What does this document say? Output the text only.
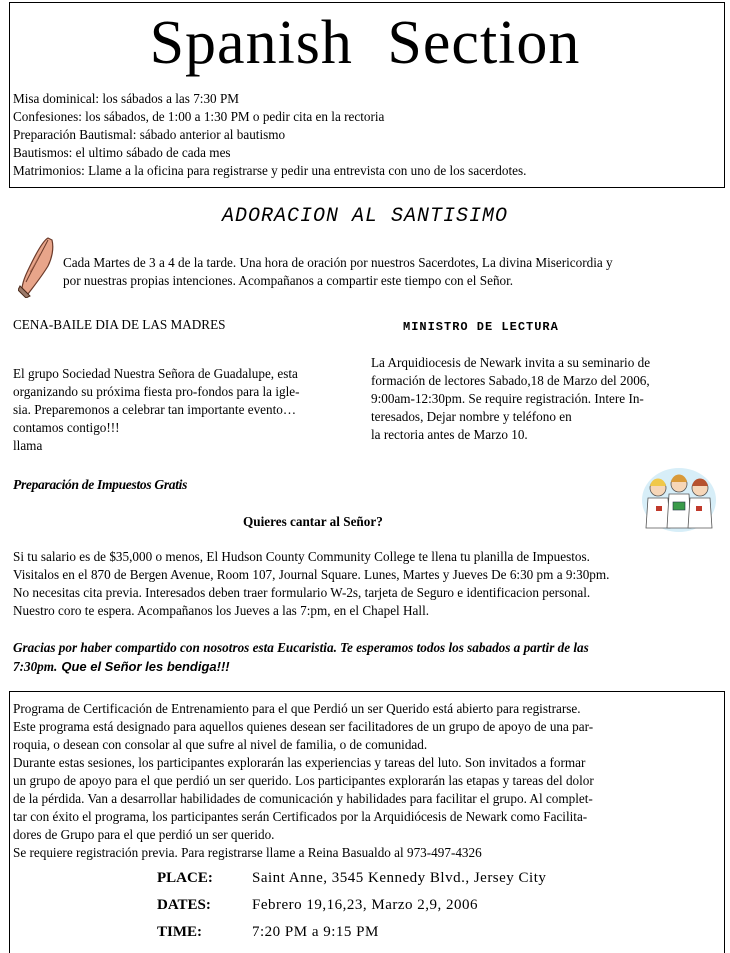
Spanish Section
Misa dominical: los sábados a las 7:30 PM
Confesiones: los sábados, de 1:00 a 1:30 PM o pedir cita en la rectoria
Preparación Bautismal: sábado anterior al bautismo
Bautismos: el ultimo sábado de cada mes
Matrimonios: Llame a la oficina para registrarse y pedir una entrevista con uno de los sacerdotes.
ADORACION AL SANTISIMO
Cada Martes de 3 a 4 de la tarde. Una hora de oración por nuestros Sacerdotes, La divina Misericordia y
por nuestras propias intenciones. Acompañanos a compartir este tiempo con el Señor.
CENA-BAILE DIA DE LAS MADRES
El grupo Sociedad Nuestra Señora de Guadalupe, esta
organizando su próxima fiesta pro-fondos para la igle-
sia. Preparemonos a celebrar tan importante evento…
contamos contigo!!!
llama
MINISTRO DE LECTURA
La Arquidiocesis de Newark invita a su seminario de
formación de lectores Sabado,18 de Marzo del 2006,
9:00am-12:30pm. Se require registración. Intere In-
teresados, Dejar nombre y teléfono en
la rectoria antes de Marzo 10.
Preparación de Impuestos Gratis
Quieres cantar al Señor?
Si tu salario es de $35,000 o menos, El Hudson County Community College te llena tu planilla de Impuestos.
Visitalos en el 870 de Bergen Avenue, Room 107, Journal Square. Lunes, Martes y Jueves De 6:30 pm a 9:30pm.
No necesitas cita previa. Interesados deben traer formulario W-2s, tarjeta de Seguro e identificacion personal.
Nuestro coro te espera. Acompañanos los Jueves a las 7:pm, en el Chapel Hall.
Gracias por haber compartido con nosotros esta Eucaristia. Te esperamos todos los sabados a partir de las
7:30pm. Que el Señor les bendiga!!!
Programa de Certificación de Entrenamiento para el que Perdió un ser Querido está abierto para registrarse.
Este programa está designado para aquellos quienes desean ser facilitadores de un grupo de apoyo de una par-
roquia, o desean con consolar al que sufre al nivel de familia, o de comunidad.
Durante estas sesiones, los participantes explorarán las experiencias y tareas del luto. Son invitados a formar
un grupo de apoyo para el que perdió un ser querido. Los participantes explorarán las etapas y tareas del dolor
de la pérdida. Van a desarrollar habilidades de comunicación y habilidades para facilitar el grupo. Al complet-
tar con éxito el programa, los participantes serán Certificados por la Arquidiócesis de Newark como Facilita-
dores de Grupo para el que perdió un ser querido.
Se requiere registración previa. Para registrarse llame a Reina Basualdo al 973-497-4326
PLACE:	Saint Anne, 3545 Kennedy Blvd., Jersey City
DATES:	Febrero 19,16,23, Marzo 2,9, 2006
TIME:	7:20 PM a 9:15 PM
